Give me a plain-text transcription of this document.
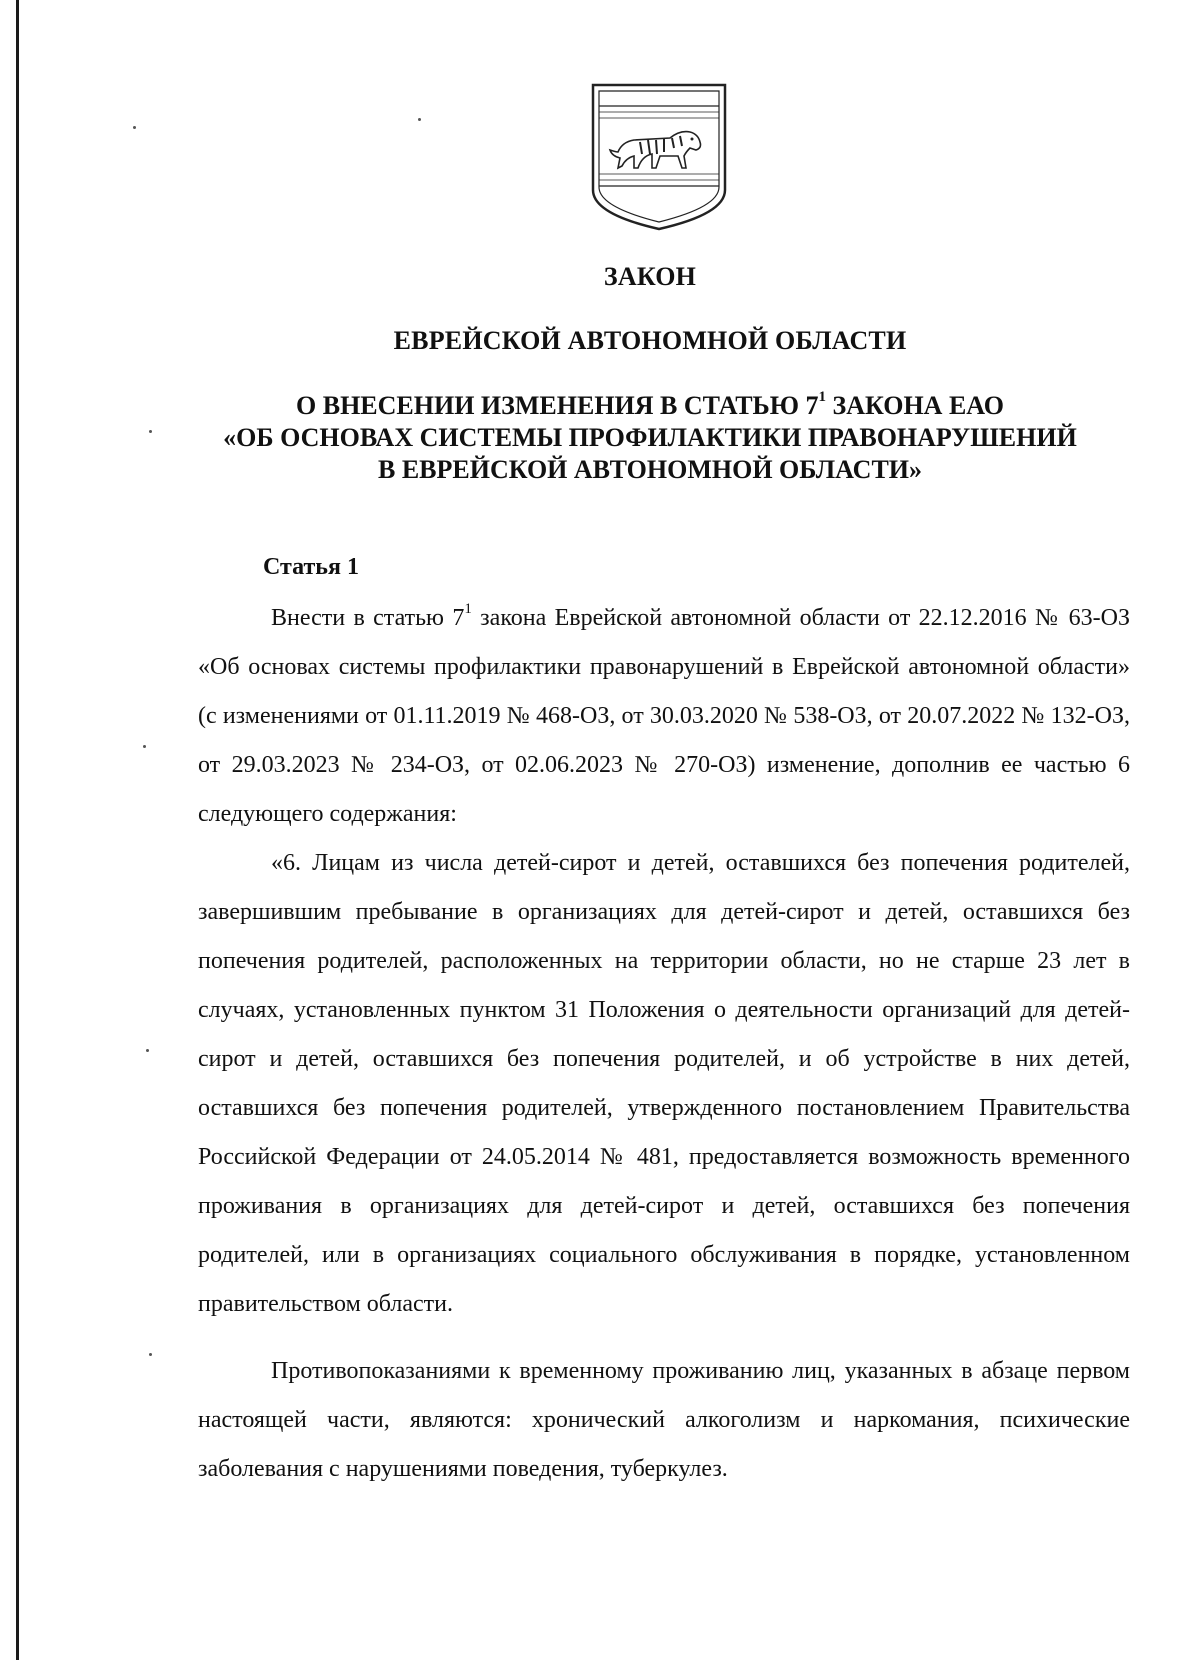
ЗАКОН
ЕВРЕЙСКОЙ АВТОНОМНОЙ ОБЛАСТИ
О ВНЕСЕНИИ ИЗМЕНЕНИЯ В СТАТЬЮ $7^1$ ЗАКОНА ЕАО
«ОБ ОСНОВАХ СИСТЕМЫ ПРОФИЛАКТИКИ ПРАВОНАРУШЕНИЙ
В ЕВРЕЙСКОЙ АВТОНОМНОЙ ОБЛАСТИ»
Статья 1

Внести в статью $7^1$ закона Еврейской автономной области от 22.12.2016 № 63-ОЗ «Об основах системы профилактики правонарушений в Еврейской автономной области» (с изменениями от 01.11.2019 № 468-ОЗ, от 30.03.2020 № 538-ОЗ, от 20.07.2022 № 132-ОЗ, от 29.03.2023 № 234-ОЗ, от 02.06.2023 № 270-ОЗ) изменение, дополнив ее частью 6 следующего содержания:

«6. Лицам из числа детей-сирот и детей, оставшихся без попечения родителей, завершившим пребывание в организациях для детей-сирот и детей, оставшихся без попечения родителей, расположенных на территории области, но не старше 23 лет в случаях, установленных пунктом 31 Положения о деятельности организаций для детей-сирот и детей, оставшихся без попечения родителей, и об устройстве в них детей, оставшихся без попечения родителей, утвержденного постановлением Правительства Российской Федерации от 24.05.2014 № 481, предоставляется возможность временного проживания в организациях для детей-сирот и детей, оставшихся без попечения родителей, или в организациях социального обслуживания в порядке, установленном правительством области.

Противопоказаниями к временному проживанию лиц, указанных в абзаце первом настоящей части, являются: хронический алкоголизм и наркомания, психические заболевания с нарушениями поведения, туберкулез.
